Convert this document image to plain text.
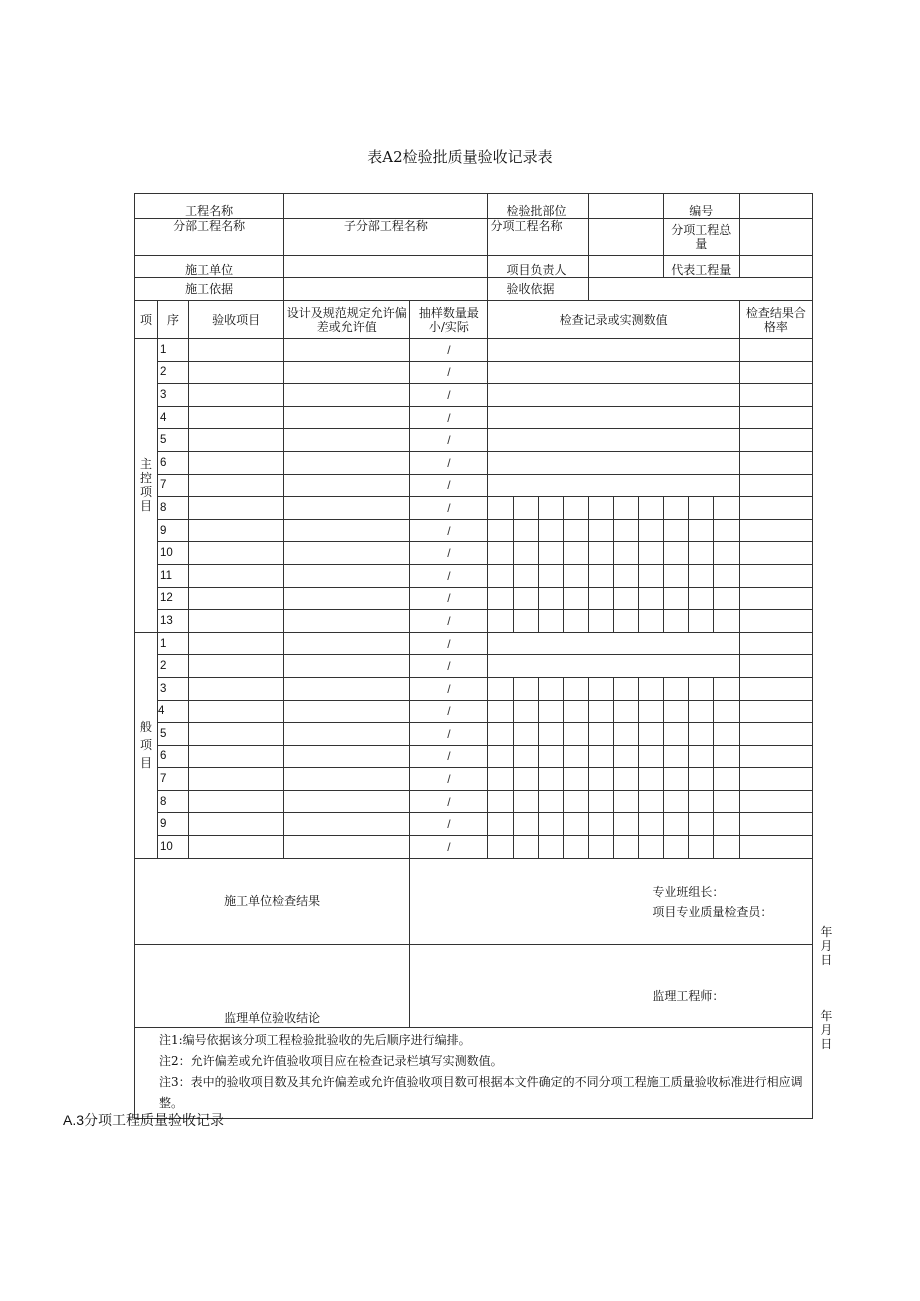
表A2检验批质量验收记录表
工程名称					检验批部位							编号			
分部工程名称			子分部工程名称		分项工程名称							分项工程总量			
施工单位					项目负责人							代表工程量			
施工依据					验收依据										
项	序	验收项目	设计及规范规定允许偏差或允许值	抽样数量最小/实际	检查记录或实测数值										检查结果合格率
主控项目	1			/											
	2			/											
	3			/											
	4			/											
	5			/											
	6			/											
	7			/											
	8			/											
	9			/											
	10			/											
	11			/											
	12			/											
	13			/											
般项目	1			/											
	2			/											
	3			/											
	4			/											
	5			/											
	6			/											
	7			/											
	8			/											
	9			/											
	10			/											
施工单位检查结果				专业班组长：
项目专业质量检查员：
年月日											

监理单位验收结论				监理工程师：
年月日											

注1:编号依据该分项工程检验批验收的先后顺序进行编排。
注2：允许偏差或允许值验收项目应在检查记录栏填写实测数值。
注3：表中的验收项目数及其允许偏差或允许值验收项目数可根据本文件确定的不同分项工程施工质量验收标准进行相应调整。															
A.3分项工程质量验收记录
